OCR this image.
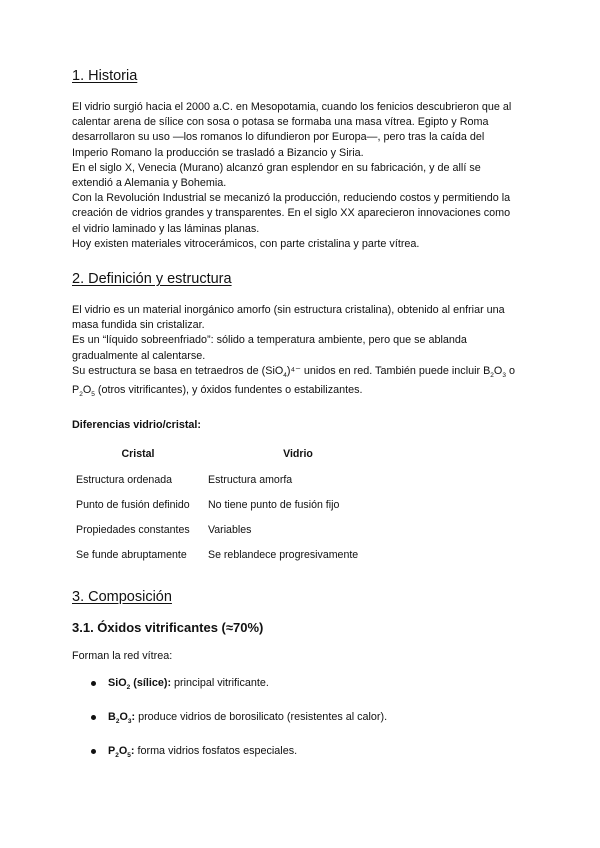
1. Historia

El vidrio surgió hacia el 2000 a.C. en Mesopotamia, cuando los fenicios descubrieron que al

calentar arena de sílice con sosa o potasa se formaba una masa vítrea. Egipto y Roma

desarrollaron su uso —los romanos lo difundieron por Europa—, pero tras la caída del

Imperio Romano la producción se trasladó a Bizancio y Siria.

En el siglo X, Venecia (Murano) alcanzó gran esplendor en su fabricación, y de allí se

extendió a Alemania y Bohemia.

Con la Revolución Industrial se mecanizó la producción, reduciendo costos y permitiendo la

creación de vidrios grandes y transparentes. En el siglo XX aparecieron innovaciones como

el vidrio laminado y las láminas planas.

Hoy existen materiales vitrocerámicos, con parte cristalina y parte vítrea.

2. Definición y estructura

El vidrio es un material inorgánico amorfo (sin estructura cristalina), obtenido al enfriar una

masa fundida sin cristalizar.

Es un “líquido sobreenfriado”: sólido a temperatura ambiente, pero que se ablanda

gradualmente al calentarse.

Su estructura se basa en tetraedros de (SiO$_4$)⁴⁻ unidos en red. También puede incluir $B_2O_3$ o

$P_2O_5$ (otros vitrificantes), y óxidos fundentes o estabilizantes.

Diferencias vidrio/cristal:

Cristal	Vidrio
Estructura ordenada	Estructura amorfa
Punto de fusión definido	No tiene punto de fusión fijo
Propiedades constantes	Variables
Se funde abruptamente	Se reblandece progresivamente
3. Composición
3.1. Óxidos vitrificantes (≈70%)

Forman la red vítrea:

SiO$_2$ (sílice): principal vitrificante.
$B_2O_3$: produce vidrios de borosilicato (resistentes al calor).
$P_2O_5$: forma vidrios fosfatos especiales.
